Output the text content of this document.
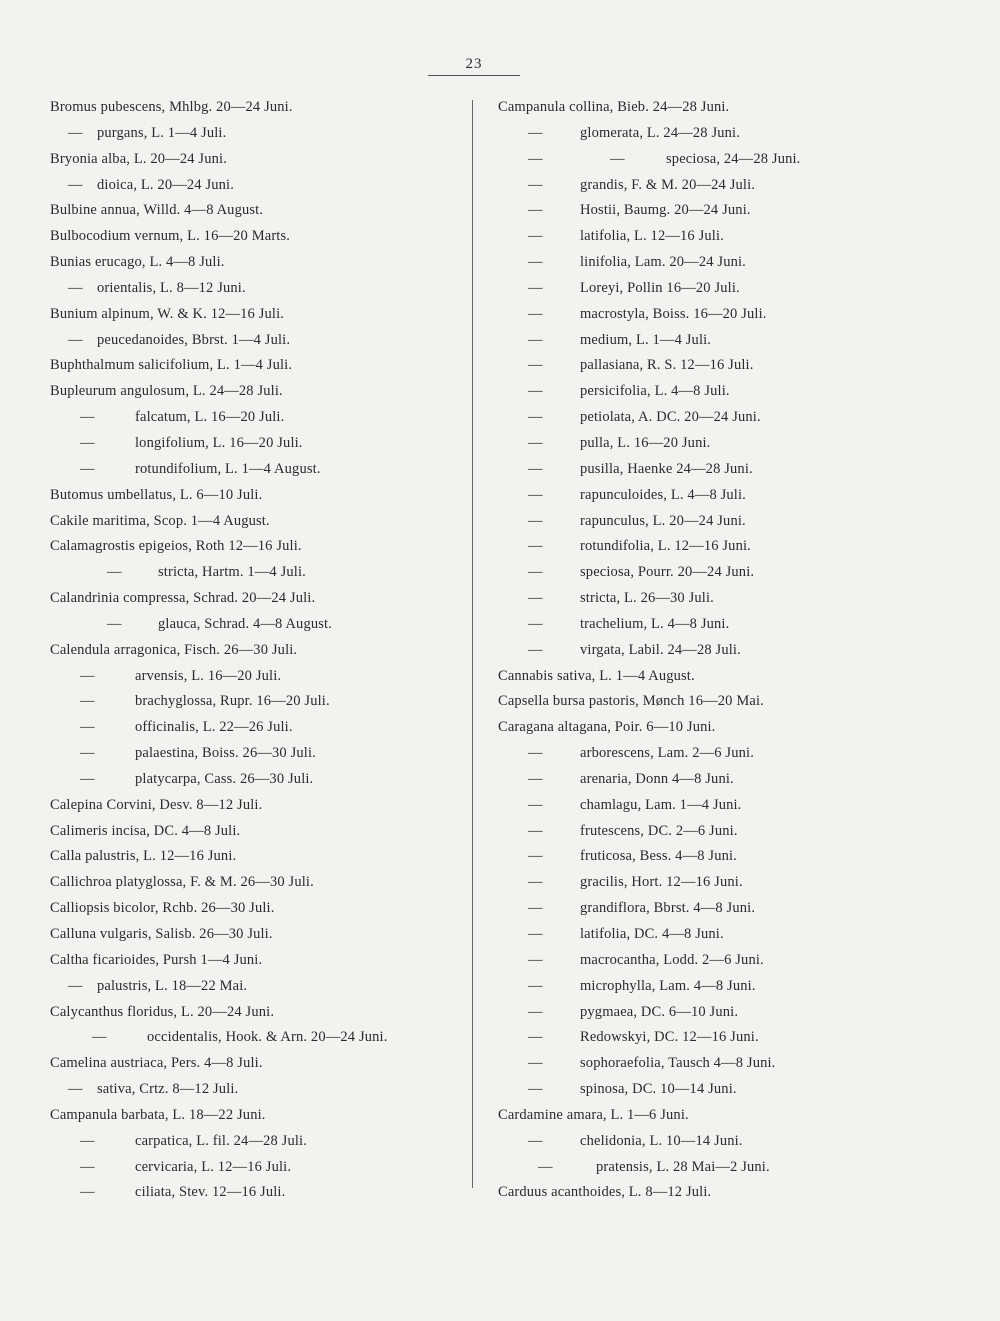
23
Bromus pubescens, Mhlbg. 20—24 Juni.
— purgans, L. 1—4 Juli.
Bryonia alba, L. 20—24 Juni.
— dioica, L. 20—24 Juni.
Bulbine annua, Willd. 4—8 August.
Bulbocodium vernum, L. 16—20 Marts.
Bunias erucago, L. 4—8 Juli.
— orientalis, L. 8—12 Juni.
Bunium alpinum, W. & K. 12—16 Juli.
— peucedanoides, Bbrst. 1—4 Juli.
Buphthalmum salicifolium, L. 1—4 Juli.
Bupleurum angulosum, L. 24—28 Juli.
—	falcatum, L. 16—20 Juli.
—	longifolium, L. 16—20 Juli.
—	rotundifolium, L. 1—4 August.
Butomus umbellatus, L. 6—10 Juli.
Cakile maritima, Scop. 1—4 August.
Calamagrostis epigeios, Roth 12—16 Juli.
—	stricta, Hartm. 1—4 Juli.
Calandrinia compressa, Schrad. 20—24 Juli.
—	glauca, Schrad. 4—8 August.
Calendula arragonica, Fisch. 26—30 Juli.
—	arvensis, L. 16—20 Juli.
—	brachyglossa, Rupr. 16—20 Juli.
—	officinalis, L. 22—26 Juli.
—	palaestina, Boiss. 26—30 Juli.
—	platycarpa, Cass. 26—30 Juli.
Calepina Corvini, Desv. 8—12 Juli.
Calimeris incisa, DC. 4—8 Juli.
Calla palustris, L. 12—16 Juni.
Callichroa platyglossa, F. & M. 26—30 Juli.
Calliopsis bicolor, Rchb. 26—30 Juli.
Calluna vulgaris, Salisb. 26—30 Juli.
Caltha ficarioides, Pursh 1—4 Juni.
— palustris, L. 18—22 Mai.
Calycanthus floridus, L. 20—24 Juni.
—	occidentalis, Hook. & Arn. 20—24 Juni.
Camelina austriaca, Pers. 4—8 Juli.
— sativa, Crtz. 8—12 Juli.
Campanula barbata, L. 18—22 Juni.
—	carpatica, L. fil. 24—28 Juli.
—	cervicaria, L. 12—16 Juli.
—	ciliata, Stev. 12—16 Juli.
Campanula collina, Bieb. 24—28 Juni.
—	glomerata, L. 24—28 Juni.
—	—	speciosa, 24—28 Juni.
—	grandis, F. & M. 20—24 Juli.
—	Hostii, Baumg. 20—24 Juni.
—	latifolia, L. 12—16 Juli.
—	linifolia, Lam. 20—24 Juni.
—	Loreyi, Pollin 16—20 Juli.
—	macrostyla, Boiss. 16—20 Juli.
—	medium, L. 1—4 Juli.
—	pallasiana, R. S. 12—16 Juli.
—	persicifolia, L. 4—8 Juli.
—	petiolata, A. DC. 20—24 Juni.
—	pulla, L. 16—20 Juni.
—	pusilla, Haenke 24—28 Juni.
—	rapunculoides, L. 4—8 Juli.
—	rapunculus, L. 20—24 Juni.
—	rotundifolia, L. 12—16 Juni.
—	speciosa, Pourr. 20—24 Juni.
—	stricta, L. 26—30 Juli.
—	trachelium, L. 4—8 Juni.
—	virgata, Labil. 24—28 Juli.
Cannabis sativa, L. 1—4 August.
Capsella bursa pastoris, Mønch 16—20 Mai.
Caragana altagana, Poir. 6—10 Juni.
—	arborescens, Lam. 2—6 Juni.
—	arenaria, Donn 4—8 Juni.
—	chamlagu, Lam. 1—4 Juni.
—	frutescens, DC. 2—6 Juni.
—	fruticosa, Bess. 4—8 Juni.
—	gracilis, Hort. 12—16 Juni.
—	grandiflora, Bbrst. 4—8 Juni.
—	latifolia, DC. 4—8 Juni.
—	macrocantha, Lodd. 2—6 Juni.
—	microphylla, Lam. 4—8 Juni.
—	pygmaea, DC. 6—10 Juni.
—	Redowskyi, DC. 12—16 Juni.
—	sophoraefolia, Tausch 4—8 Juni.
—	spinosa, DC. 10—14 Juni.
Cardamine amara, L. 1—6 Juni.
—	chelidonia, L. 10—14 Juni.
—	pratensis, L. 28 Mai—2 Juni.
Carduus acanthoides, L. 8—12 Juli.
